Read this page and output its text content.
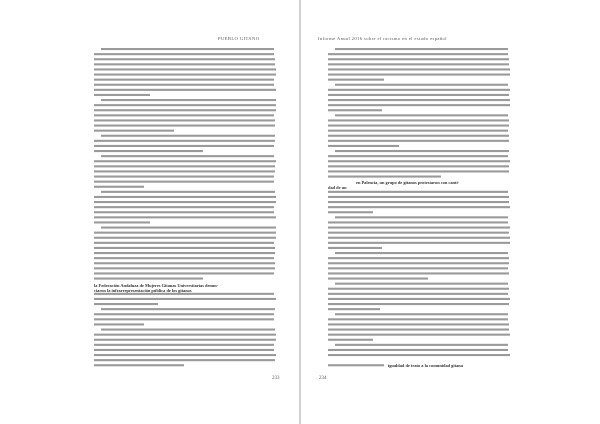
PUEBLO GITANO	Informe Anual 2016 sobre el racismo en el estado español
la Federación Andaluza de Mujeres Gitanas Universitarias denun-
ciaron la infrarrepresentación pública de los gitanos
en Palencia, un grupo de gitanos protestaron con canti-
dad de un
igualdad de trato a la comunidad gitana
233	234
